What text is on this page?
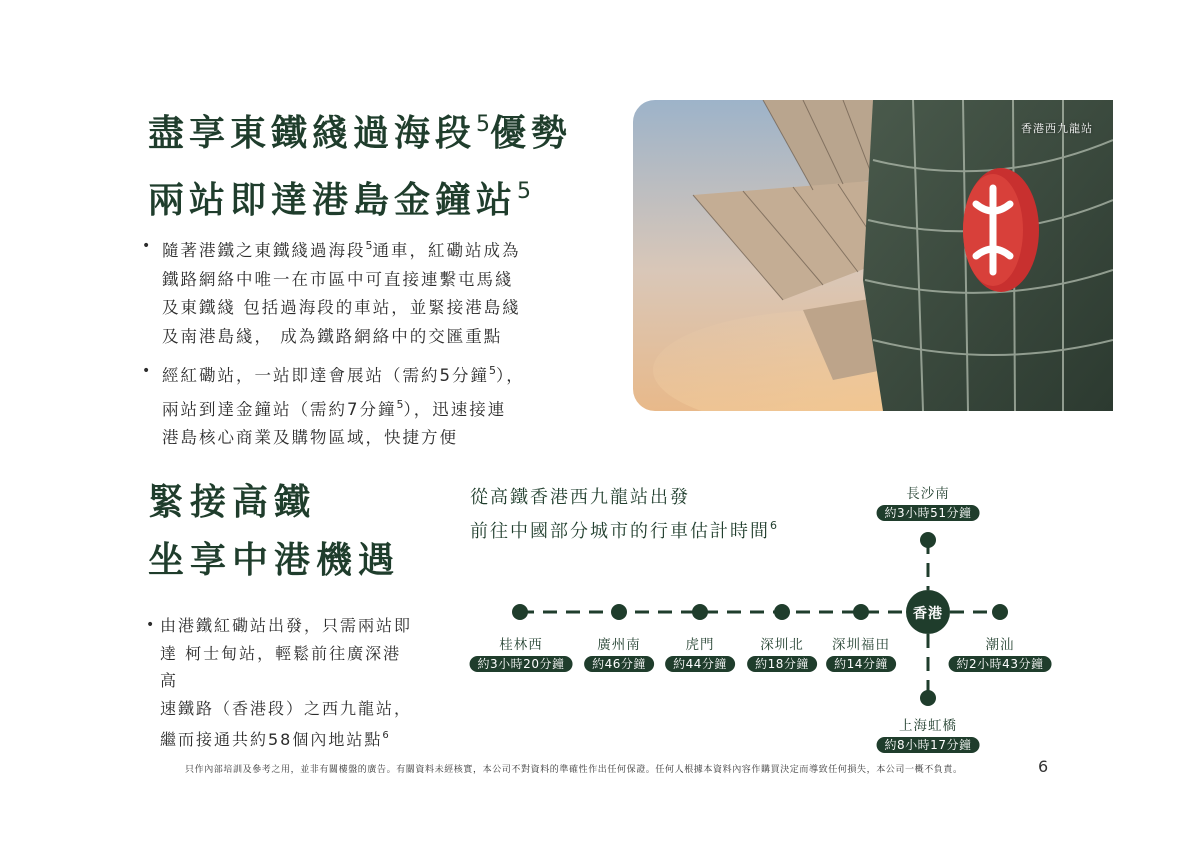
盡享東鐵綫過海段$^5$優勢
兩站即達港島金鐘站$^5$
• 隨著港鐵之東鐵綫過海段$^5$通車，紅磡站成為
鐵路網絡中唯一在市區中可直接連繫屯馬綫
及東鐵綫 包括過海段的車站，並緊接港島綫
及南港島綫， 成為鐵路網絡中的交匯重點
• 經紅磡站，一站即達會展站（需約5分鐘$^5$），
兩站到達金鐘站（需約7分鐘$^5$），迅速接連
港島核心商業及購物區域，快捷方便
香港西九龍站
緊接高鐵
坐享中港機遇
• 由港鐵紅磡站出發，只需兩站即
達 柯士甸站，輕鬆前往廣深港高
速鐵路（香港段）之西九龍站，
繼而接通共約58個內地站點$^6$
從高鐵香港西九龍站出發
前往中國部分城市的行車估計時間$^6$
香港
長沙南
約3小時51分鐘
桂林西
約3小時20分鐘
廣州南
約46分鐘
虎門
約44分鐘
深圳北
約18分鐘
深圳福田
約14分鐘
潮汕
約2小時43分鐘
上海虹橋
約8小時17分鐘
只作內部培訓及參考之用，並非有關樓盤的廣告。有關資料未經核實，本公司不對資料的準確性作出任何保證。任何人根據本資料內容作購買決定而導致任何損失，本公司一概不負責。	6
